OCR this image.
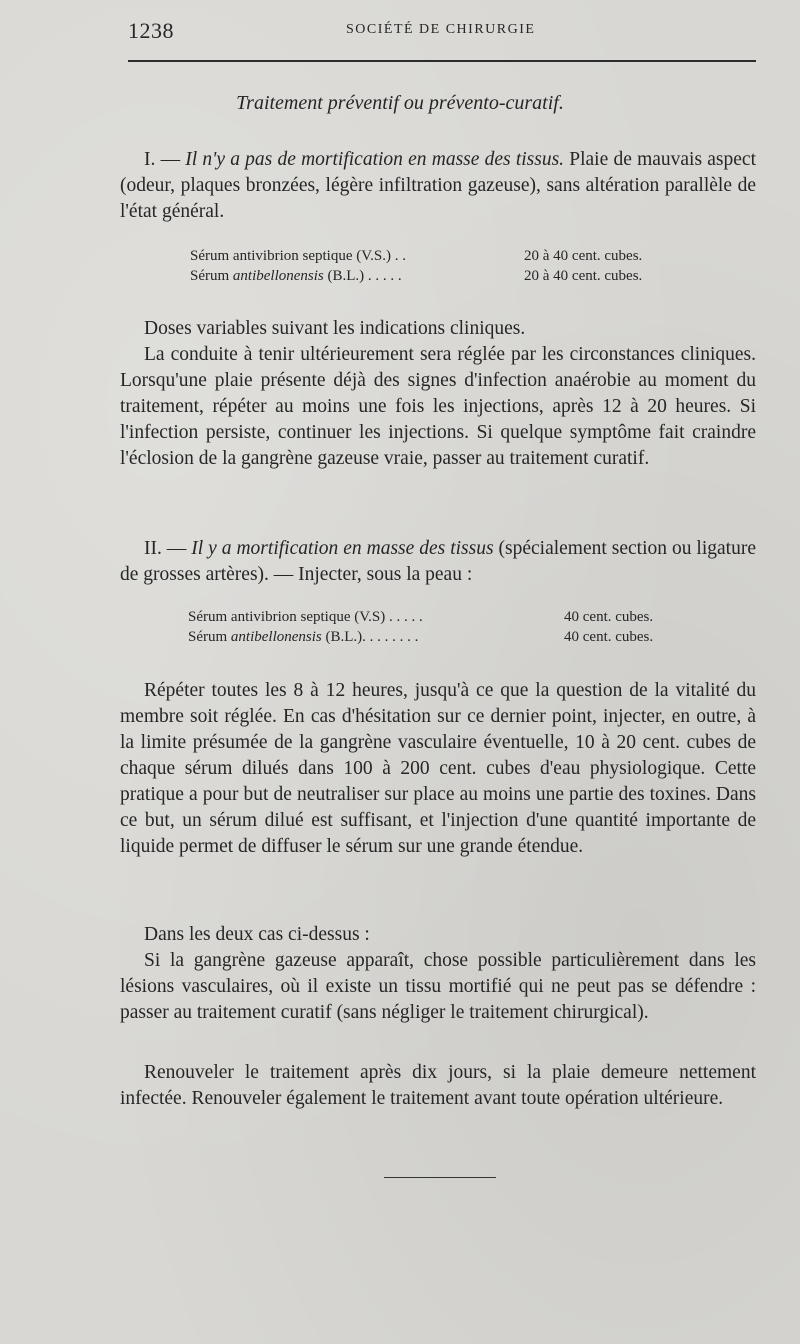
1238	SOCIÉTÉ DE CHIRURGIE
Traitement préventif ou prévento-curatif.

I. — Il n'y a pas de mortification en masse des tissus. Plaie de mauvais aspect (odeur, plaques bronzées, légère infiltration gazeuse), sans altération parallèle de l'état général.

Sérum antivibrion septique (V.S.) . .	20 à 40 cent. cubes.
Sérum antibellonensis (B.L.) . . . . .	20 à 40 cent. cubes.

Doses variables suivant les indications cliniques.

La conduite à tenir ultérieurement sera réglée par les circonstances cliniques. Lorsqu'une plaie présente déjà des signes d'infection anaérobie au moment du traitement, répéter au moins une fois les injections, après 12 à 20 heures. Si l'infection persiste, continuer les injections. Si quelque symptôme fait craindre l'éclosion de la gangrène gazeuse vraie, passer au traitement curatif.

II. — Il y a mortification en masse des tissus (spécialement section ou ligature de grosses artères). — Injecter, sous la peau :

Sérum antivibrion septique (V.S) . . . . .	40 cent. cubes.
Sérum antibellonensis (B.L.). . . . . . . .	40 cent. cubes.

Répéter toutes les 8 à 12 heures, jusqu'à ce que la question de la vitalité du membre soit réglée. En cas d'hésitation sur ce dernier point, injecter, en outre, à la limite présumée de la gangrène vasculaire éventuelle, 10 à 20 cent. cubes de chaque sérum dilués dans 100 à 200 cent. cubes d'eau physiologique. Cette pratique a pour but de neutraliser sur place au moins une partie des toxines. Dans ce but, un sérum dilué est suffisant, et l'injection d'une quantité importante de liquide permet de diffuser le sérum sur une grande étendue.

Dans les deux cas ci-dessus :

Si la gangrène gazeuse apparaît, chose possible particulièrement dans les lésions vasculaires, où il existe un tissu mortifié qui ne peut pas se défendre : passer au traitement curatif (sans négliger le traitement chirurgical).

Renouveler le traitement après dix jours, si la plaie demeure nettement infectée. Renouveler également le traitement avant toute opération ultérieure.
